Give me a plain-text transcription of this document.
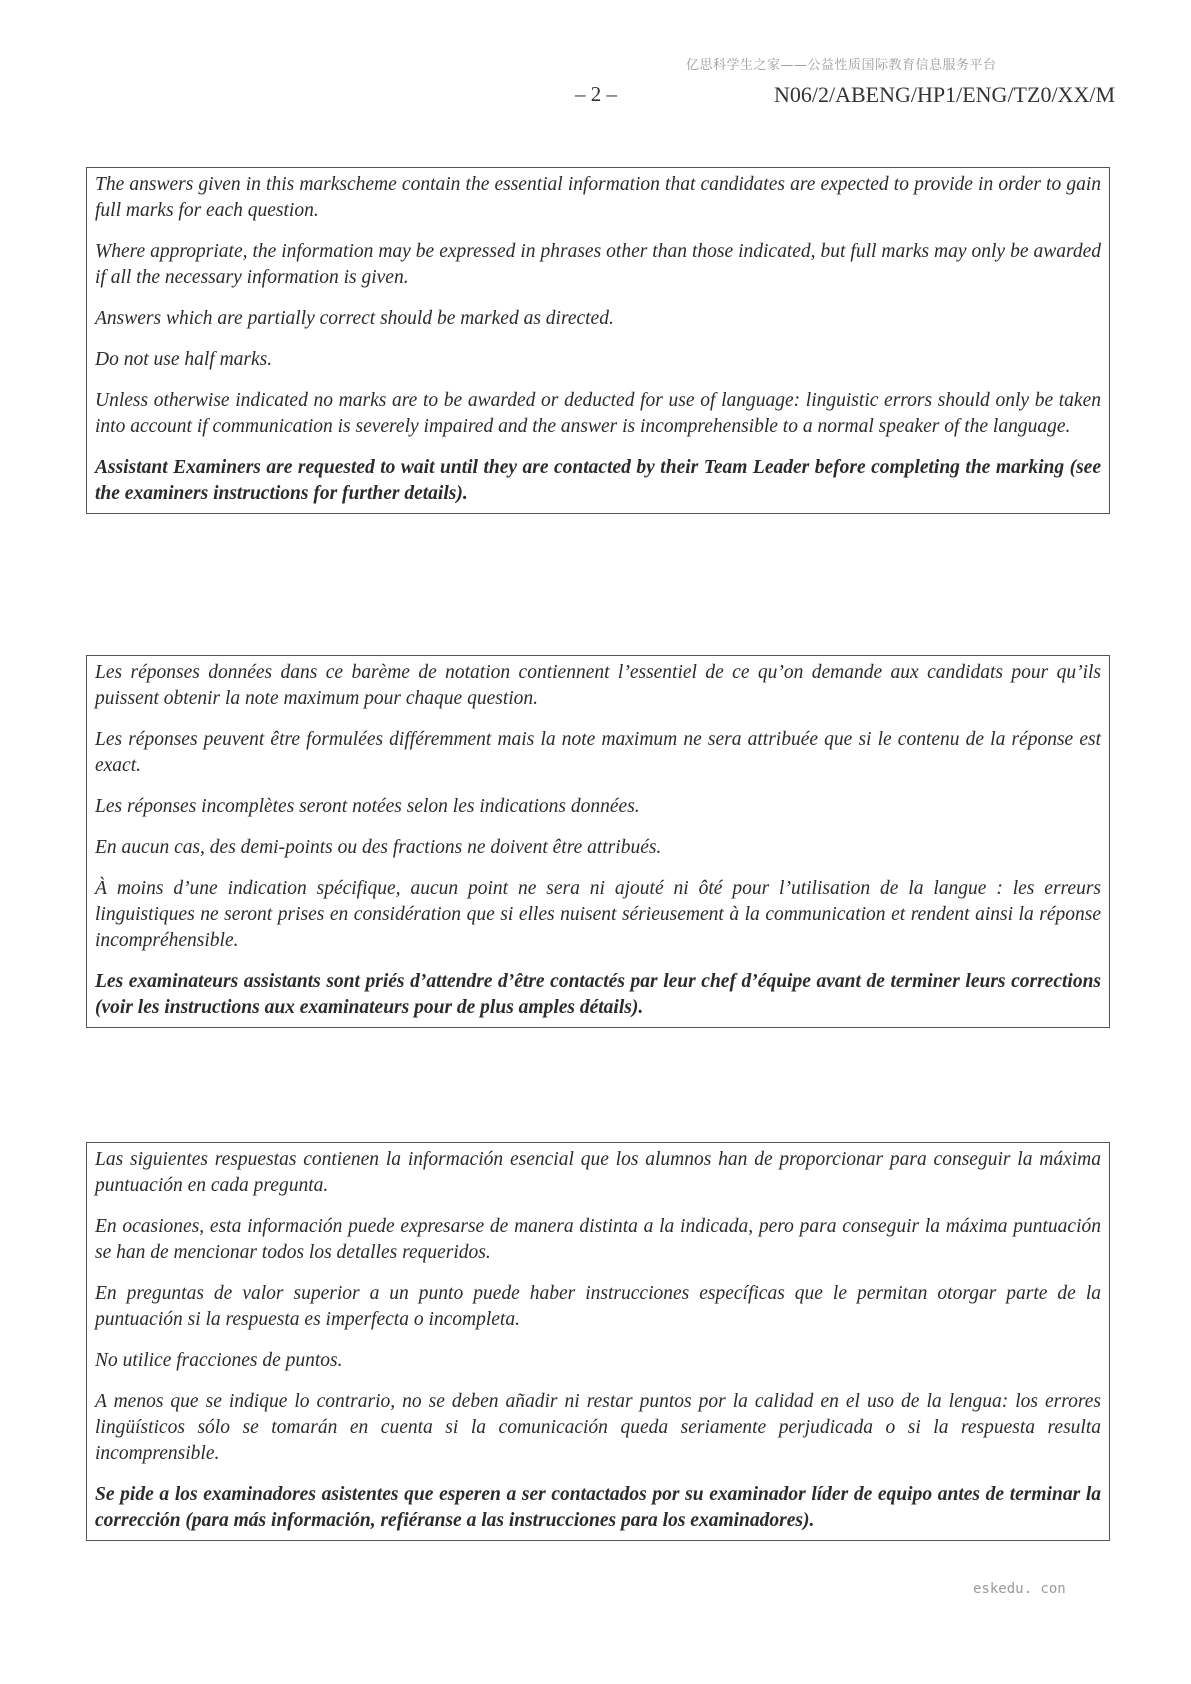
亿思科学生之家——公益性质国际教育信息服务平台
– 2 –	N06/2/ABENG/HP1/ENG/TZ0/XX/M

The answers given in this markscheme contain the essential information that candidates are expected to provide in order to gain full marks for each question.

Where appropriate, the information may be expressed in phrases other than those indicated, but full marks may only be awarded if all the necessary information is given.

Answers which are partially correct should be marked as directed.

Do not use half marks.

Unless otherwise indicated no marks are to be awarded or deducted for use of language: linguistic errors should only be taken into account if communication is severely impaired and the answer is incomprehensible to a normal speaker of the language.

Assistant Examiners are requested to wait until they are contacted by their Team Leader before completing the marking (see the examiners instructions for further details).

Les réponses données dans ce barème de notation contiennent l’essentiel de ce qu’on demande aux candidats pour qu’ils puissent obtenir la note maximum pour chaque question.

Les réponses peuvent être formulées différemment mais la note maximum ne sera attribuée que si le contenu de la réponse est exact.

Les réponses incomplètes seront notées selon les indications données.

En aucun cas, des demi-points ou des fractions ne doivent être attribués.

À moins d’une indication spécifique, aucun point ne sera ni ajouté ni ôté pour l’utilisation de la langue : les erreurs linguistiques ne seront prises en considération que si elles nuisent sérieusement à la communication et rendent ainsi la réponse incompréhensible.

Les examinateurs assistants sont priés d’attendre d’être contactés par leur chef d’équipe avant de terminer leurs corrections (voir les instructions aux examinateurs pour de plus amples détails).

Las siguientes respuestas contienen la información esencial que los alumnos han de proporcionar para conseguir la máxima puntuación en cada pregunta.

En ocasiones, esta información puede expresarse de manera distinta a la indicada, pero para conseguir la máxima puntuación se han de mencionar todos los detalles requeridos.

En preguntas de valor superior a un punto puede haber instrucciones específicas que le permitan otorgar parte de la puntuación si la respuesta es imperfecta o incompleta.

No utilice fracciones de puntos.

A menos que se indique lo contrario, no se deben añadir ni restar puntos por la calidad en el uso de la lengua: los errores lingüísticos sólo se tomarán en cuenta si la comunicación queda seriamente perjudicada o si la respuesta resulta incomprensible.

Se pide a los examinadores asistentes que esperen a ser contactados por su examinador líder de equipo antes de terminar la corrección (para más información, refiéranse a las instrucciones para los examinadores).

eskedu. con
